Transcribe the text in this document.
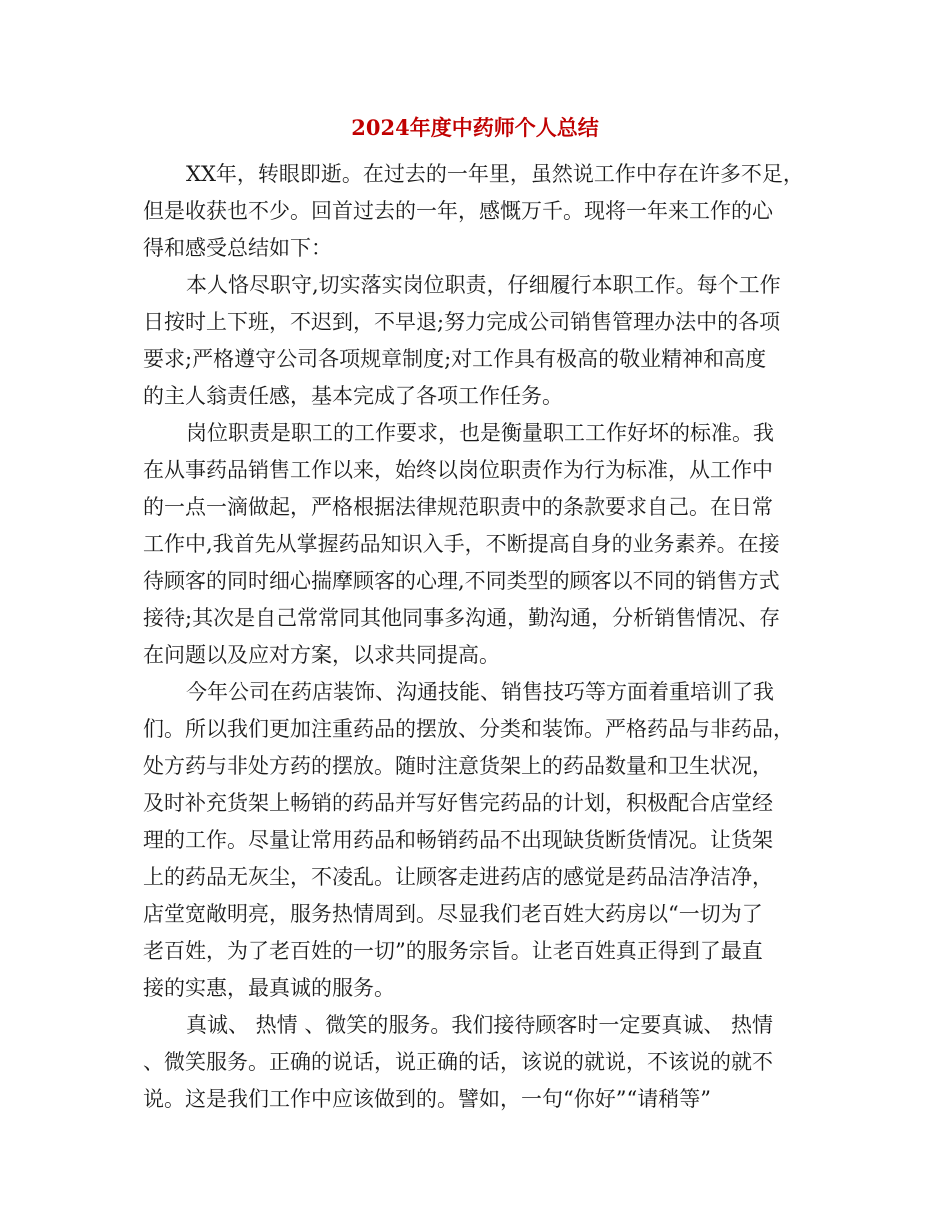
2024年度中药师个人总结

XX年，转眼即逝。在过去的一年里，虽然说工作中存在许多不足，
但是收获也不少。回首过去的一年，感慨万千。现将一年来工作的心
得和感受总结如下：

本人恪尽职守,切实落实岗位职责，仔细履行本职工作。每个工作
日按时上下班，不迟到，不早退;努力完成公司销售管理办法中的各项
要求;严格遵守公司各项规章制度;对工作具有极高的敬业精神和高度
的主人翁责任感，基本完成了各项工作任务。

岗位职责是职工的工作要求，也是衡量职工工作好坏的标准。我
在从事药品销售工作以来，始终以岗位职责作为行为标准，从工作中
的一点一滴做起，严格根据法律规范职责中的条款要求自己。在日常
工作中,我首先从掌握药品知识入手，不断提高自身的业务素养。在接
待顾客的同时细心揣摩顾客的心理,不同类型的顾客以不同的销售方式
接待;其次是自己常常同其他同事多沟通，勤沟通，分析销售情况、存
在问题以及应对方案，以求共同提高。

今年公司在药店装饰、沟通技能、销售技巧等方面着重培训了我
们。所以我们更加注重药品的摆放、分类和装饰。严格药品与非药品，
处方药与非处方药的摆放。随时注意货架上的药品数量和卫生状况，
及时补充货架上畅销的药品并写好售完药品的计划，积极配合店堂经
理的工作。尽量让常用药品和畅销药品不出现缺货断货情况。让货架
上的药品无灰尘，不凌乱。让顾客走进药店的感觉是药品洁净洁净，
店堂宽敞明亮，服务热情周到。尽显我们老百姓大药房以“一切为了
老百姓，为了老百姓的一切”的服务宗旨。让老百姓真正得到了最直
接的实惠，最真诚的服务。

真诚、 热情 、微笑的服务。我们接待顾客时一定要真诚、 热情
、微笑服务。正确的说话，说正确的话，该说的就说，不该说的就不
说。这是我们工作中应该做到的。譬如，一句“你好”“请稍等”
